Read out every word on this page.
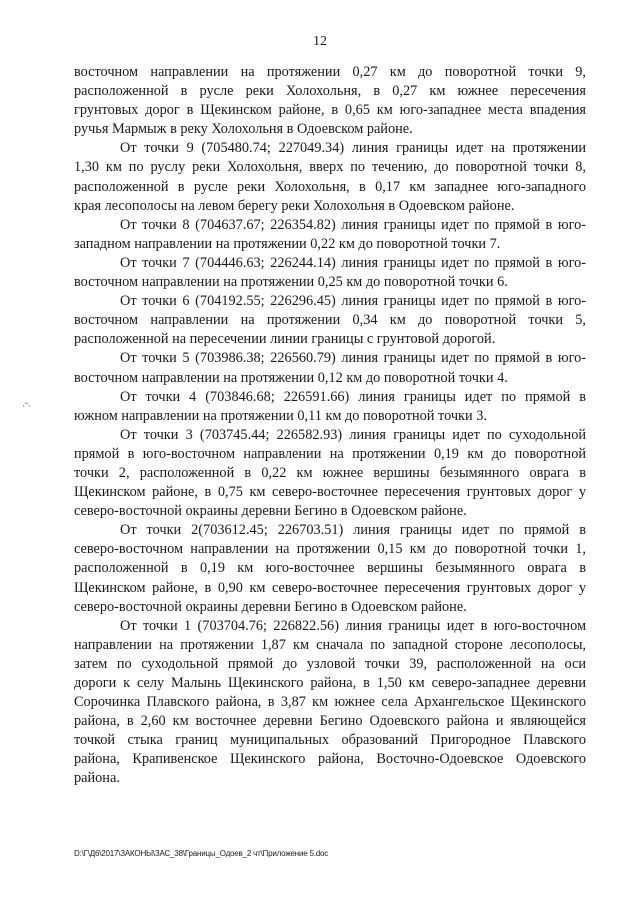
12
восточном направлении на протяжении 0,27 км до поворотной точки 9,
расположенной в русле реки Холохольня, в 0,27 км южнее пересечения
грунтовых дорог в Щекинском районе, в 0,65 км юго-западнее места впадения
ручья Мармыж в реку Холохольня в Одоевском районе.
От точки 9 (705480.74; 227049.34) линия границы идет на протяжении
1,30 км по руслу реки Холохольня, вверх по течению, до поворотной точки 8,
расположенной в русле реки Холохольня, в 0,17 км западнее юго-западного
края лесополосы на левом берегу реки Холохольня в Одоевском районе.
От точки 8 (704637.67; 226354.82) линия границы идет по прямой в юго-
западном направлении на протяжении 0,22 км до поворотной точки 7.
От точки 7 (704446.63; 226244.14) линия границы идет по прямой в юго-
восточном направлении на протяжении 0,25 км до поворотной точки 6.
От точки 6 (704192.55; 226296.45) линия границы идет по прямой в юго-
восточном направлении на протяжении 0,34 км до поворотной точки 5,
расположенной на пересечении линии границы с грунтовой дорогой.
От точки 5 (703986.38; 226560.79) линия границы идет по прямой в юго-
восточном направлении на протяжении 0,12 км до поворотной точки 4.
От точки 4 (703846.68; 226591.66) линия границы идет по прямой в
южном направлении на протяжении 0,11 км до поворотной точки 3.
От точки 3 (703745.44; 226582.93) линия границы идет по суходольной
прямой в юго-восточном направлении на протяжении 0,19 км до поворотной
точки 2, расположенной в 0,22 км южнее вершины безымянного оврага в
Щекинском районе, в 0,75 км северо-восточнее пересечения грунтовых дорог у
северо-восточной окраины деревни Бегино в Одоевском районе.
От точки 2(703612.45; 226703.51) линия границы идет по прямой в
северо-восточном направлении на протяжении 0,15 км до поворотной точки 1,
расположенной в 0,19 км юго-восточнее вершины безымянного оврага в
Щекинском районе, в 0,90 км северо-восточнее пересечения грунтовых дорог у
северо-восточной окраины деревни Бегино в Одоевском районе.
От точки 1 (703704.76; 226822.56) линия границы идет в юго-восточном
направлении на протяжении 1,87 км сначала по западной стороне лесополосы,
затем по суходольной прямой до узловой точки 39, расположенной на оси
дороги к селу Малынь Щекинского района, в 1,50 км северо-западнее деревни
Сорочинка Плавского района, в 3,87 км южнее села Архангельское Щекинского
района, в 2,60 км восточнее деревни Бегино Одоевского района и являющейся
точкой стыка границ муниципальных образований Пригородное Плавского
района, Крапивенское Щекинского района, Восточно-Одоевское Одоевского
района.
·ˇ·
D:\Г\Д6\2017\ЗАКОНЫ\ЗАС_38\Границы_Одоев_2 чт\Приложение 5.doc
